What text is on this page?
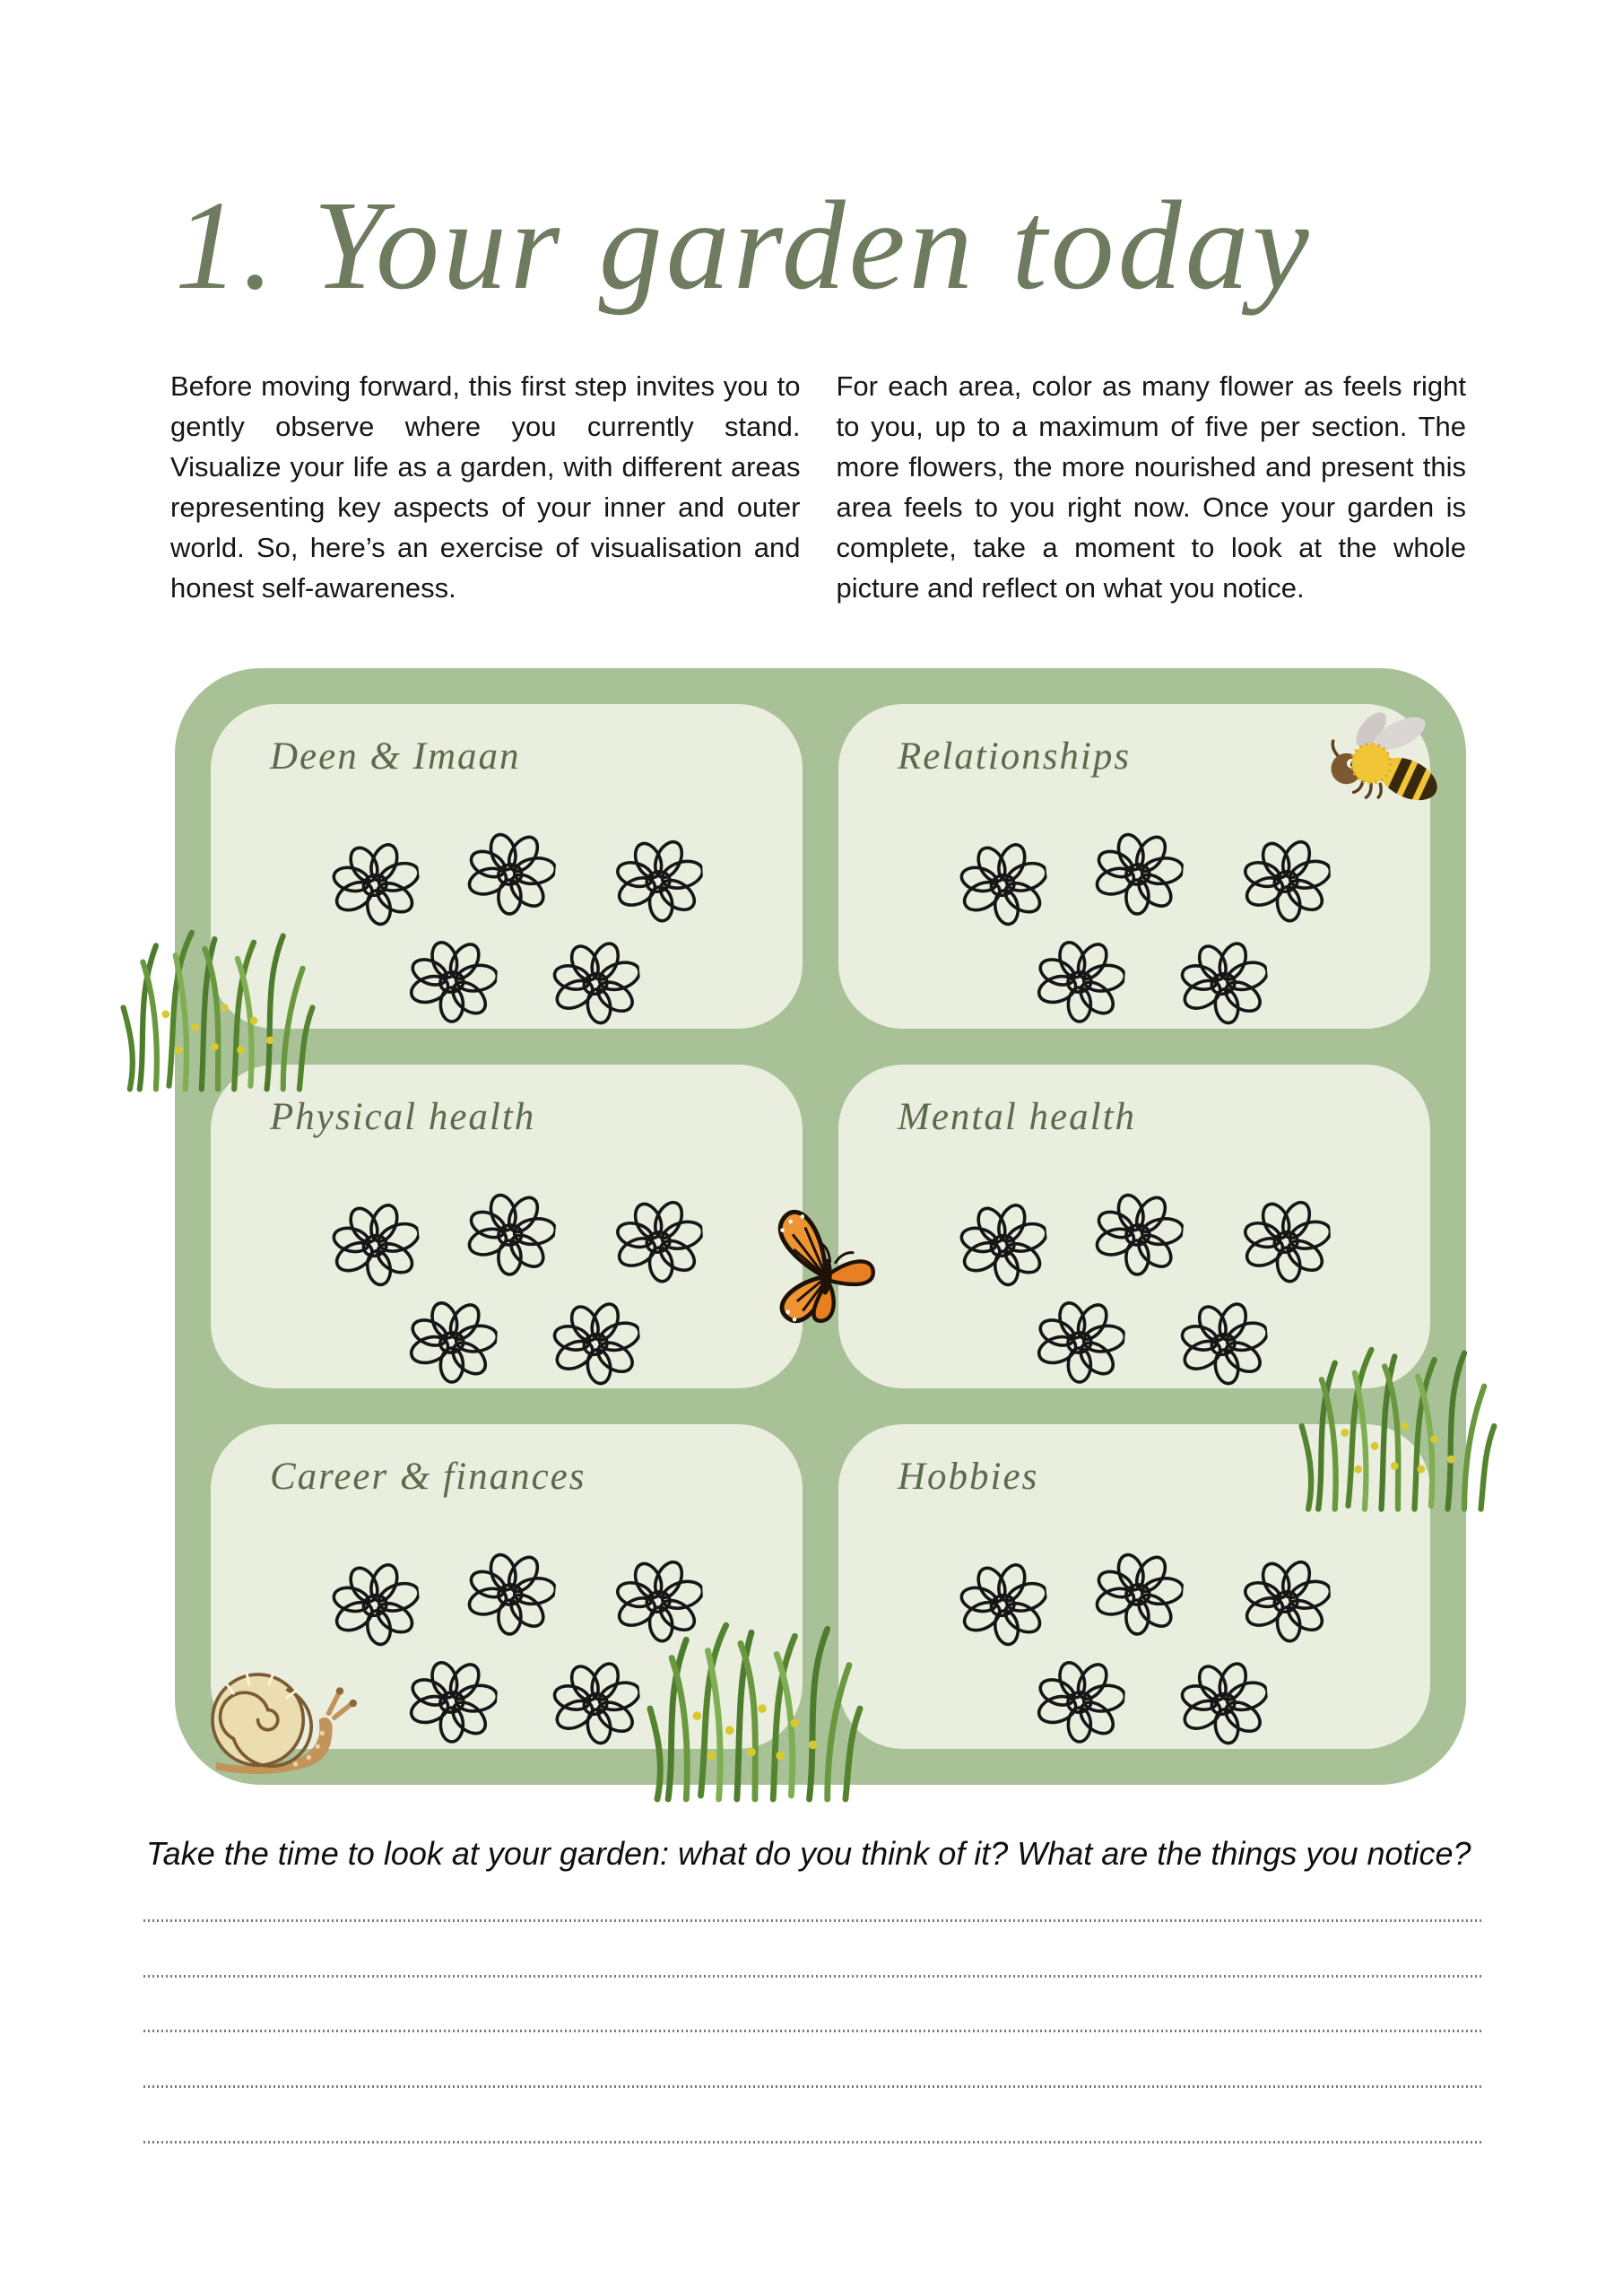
1. Your garden today

Before moving forward, this first step invites you to gently observe where you currently stand. Visualize your life as a garden, with different areas representing key aspects of your inner and outer world. So, here’s an exercise of visualisation and honest self-awareness.

For each area, color as many flower as feels right to you, up to a maximum of five per section. The more flowers, the more nourished and present this area feels to you right now. Once your garden is complete, take a moment to look at the whole picture and reflect on what you notice.

Deen & Imaan	Relationships
Physical health	Mental health
Career & finances	Hobbies

Take the time to look at your garden: what do you think of it? What are the things you notice?
